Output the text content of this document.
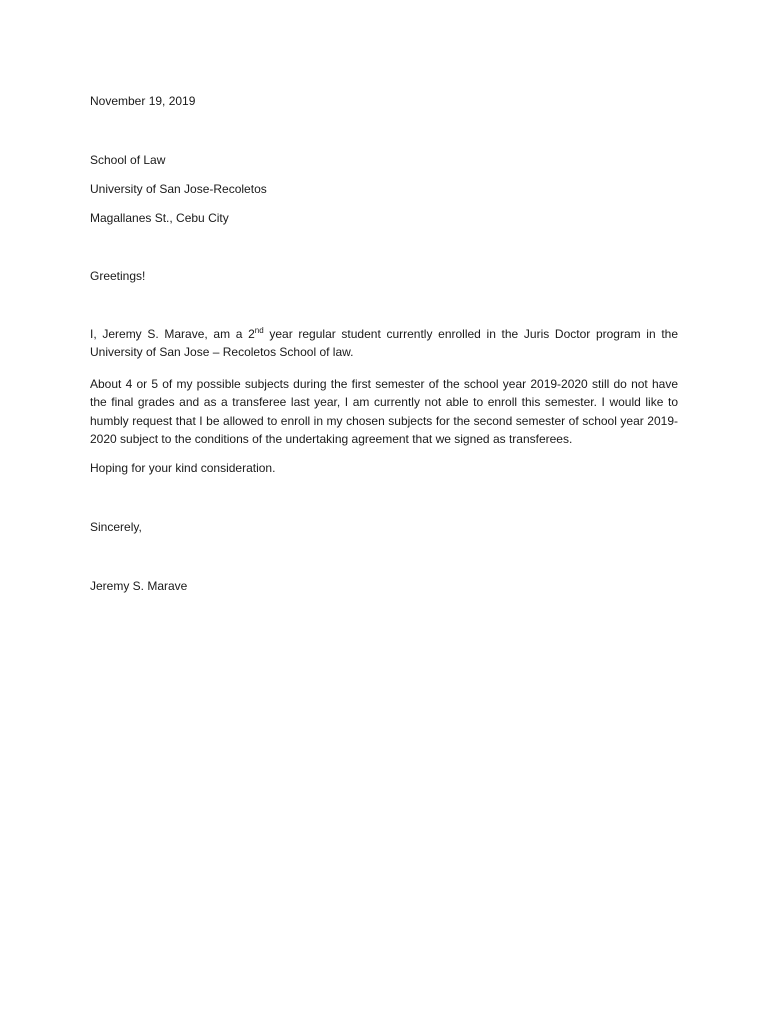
November 19, 2019
School of Law
University of San Jose-Recoletos
Magallanes St., Cebu City
Greetings!
I, Jeremy S. Marave, am a 2nd year regular student currently enrolled in the Juris Doctor program in the University of San Jose – Recoletos School of law.
About 4 or 5 of my possible subjects during the first semester of the school year 2019-2020 still do not have the final grades and as a transferee last year, I am currently not able to enroll this semester. I would like to humbly request that I be allowed to enroll in my chosen subjects for the second semester of school year 2019-2020 subject to the conditions of the undertaking agreement that we signed as transferees.
Hoping for your kind consideration.
Sincerely,
Jeremy S. Marave
